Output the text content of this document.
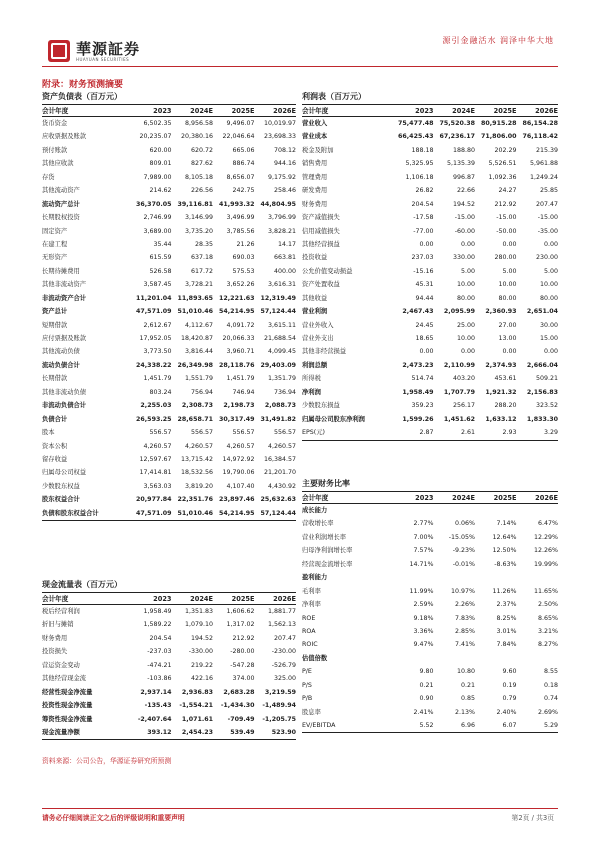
華源証券
HUAYUAN SECURITIES
源引金融活水 润泽中华大地
附录：财务预测摘要
资产负债表（百万元）
会计年度	2023	2024E	2025E	2026E
货币资金	6,502.35	8,956.58	9,496.07	10,019.97
应收票据及账款	20,235.07	20,380.16	22,046.64	23,698.33
预付账款	620.00	620.72	665.06	708.12
其他应收款	809.01	827.62	886.74	944.16
存货	7,989.00	8,105.18	8,656.07	9,175.92
其他流动资产	214.62	226.56	242.75	258.46
流动资产总计	36,370.05 39,116.81 41,993.32 44,804.95
长期股权投资	2,746.99	3,146.99	3,496.99	3,796.99
固定资产	3,689.00	3,735.20	3,785.56	3,828.21
在建工程	35.44	28.35	21.26	14.17
无形资产	615.59	637.18	690.03	663.81
长期待摊费用	526.58	617.72	575.53	400.00
其他非流动资产	3,587.45	3,728.21	3,652.26	3,616.31
非流动资产合计	11,201.04 11,893.65 12,221.63 12,319.49
资产总计	47,571.09 51,010.46 54,214.95 57,124.44
短期借款	2,612.67	4,112.67	4,091.72	3,615.11
应付票据及账款	17,952.05	18,420.87	20,066.33	21,688.54
其他流动负债	3,773.50	3,816.44	3,960.71	4,099.45
流动负债合计	24,338.22 26,349.98 28,118.76 29,403.09
长期借款	1,451.79	1,551.79	1,451.79	1,351.79
其他非流动负债	803.24	756.94	746.94	736.94
非流动负债合计	2,255.03	2,308.73	2,198.73	2,088.73
负债合计	26,593.25 28,658.71 30,317.49 31,491.82
股本	556.57	556.57	556.57	556.57
资本公积	4,260.57	4,260.57	4,260.57	4,260.57
留存收益	12,597.67	13,715.42	14,972.92	16,384.57
归属母公司权益	17,414.81	18,532.56	19,790.06	21,201.70
少数股东权益	3,563.03	3,819.20	4,107.40	4,430.92
股东权益合计	20,977.84 22,351.76 23,897.46 25,632.63
负债和股东权益合计	47,571.09 51,010.46 54,214.95 57,124.44
利润表（百万元）
会计年度	2023	2024E	2025E	2026E
营业收入	75,477.48 75,520.38 80,915.28 86,154.28
营业成本	66,425.43 67,236.17 71,806.00 76,118.42
税金及附加	188.18	188.80	202.29	215.39
销售费用	5,325.95	5,135.39	5,526.51	5,961.88
管理费用	1,106.18	996.87	1,092.36	1,249.24
研发费用	26.82	22.66	24.27	25.85
财务费用	204.54	194.52	212.92	207.47
资产减值损失	-17.58	-15.00	-15.00	-15.00
信用减值损失	-77.00	-60.00	-50.00	-35.00
其他经营损益	0.00	0.00	0.00	0.00
投资收益	237.03	330.00	280.00	230.00
公允价值变动损益	-15.16	5.00	5.00	5.00
资产处置收益	45.31	10.00	10.00	10.00
其他收益	94.44	80.00	80.00	80.00
营业利润	2,467.43	2,095.99	2,360.93	2,651.04
营业外收入	24.45	25.00	27.00	30.00
营业外支出	18.65	10.00	13.00	15.00
其他非经营损益	0.00	0.00	0.00	0.00
利润总额	2,473.23	2,110.99	2,374.93	2,666.04
所得税	514.74	403.20	453.61	509.21
净利润	1,958.49	1,707.79	1,921.32	2,156.83
少数股东损益	359.23	256.17	288.20	323.52
归属母公司股东净利润	1,599.26	1,451.62	1,633.12	1,833.30
EPS(元)	2.87	2.61	2.93	3.29
主要财务比率
会计年度	2023	2024E	2025E	2026E
成长能力
营收增长率	2.77%	0.06%	7.14%	6.47%
营业利润增长率	7.00%	-15.05%	12.64%	12.29%
归母净利润增长率	7.57%	-9.23%	12.50%	12.26%
经营现金流增长率	14.71%	-0.01%	-8.63%	19.99%
盈利能力
毛利率	11.99%	10.97%	11.26%	11.65%
净利率	2.59%	2.26%	2.37%	2.50%
ROE	9.18%	7.83%	8.25%	8.65%
ROA	3.36%	2.85%	3.01%	3.21%
ROIC	9.47%	7.41%	7.84%	8.27%
估值倍数
P/E	9.80	10.80	9.60	8.55
P/S	0.21	0.21	0.19	0.18
P/B	0.90	0.85	0.79	0.74
股息率	2.41%	2.13%	2.40%	2.69%
EV/EBITDA	5.52	6.96	6.07	5.29
现金流量表（百万元）
会计年度	2023	2024E	2025E	2026E
税后经营利润	1,958.49	1,351.83	1,606.62	1,881.77
折旧与摊销	1,589.22	1,079.10	1,317.02	1,562.13
财务费用	204.54	194.52	212.92	207.47
投资损失	-237.03	-330.00	-280.00	-230.00
营运资金变动	-474.21	219.22	-547.28	-526.79
其他经营现金流	-103.86	422.16	374.00	325.00
经营性现金净流量	2,937.14	2,936.83	2,683.28	3,219.59
投资性现金净流量	-135.43	-1,554.21	-1,434.30	-1,489.94
筹资性现金净流量	-2,407.64	1,071.61	-709.49	-1,205.75
现金流量净额	393.12	2,454.23	539.49	523.90
资料来源：公司公告，华源证券研究所预测
请务必仔细阅读正文之后的评级说明和重要声明	第2页 / 共3页
